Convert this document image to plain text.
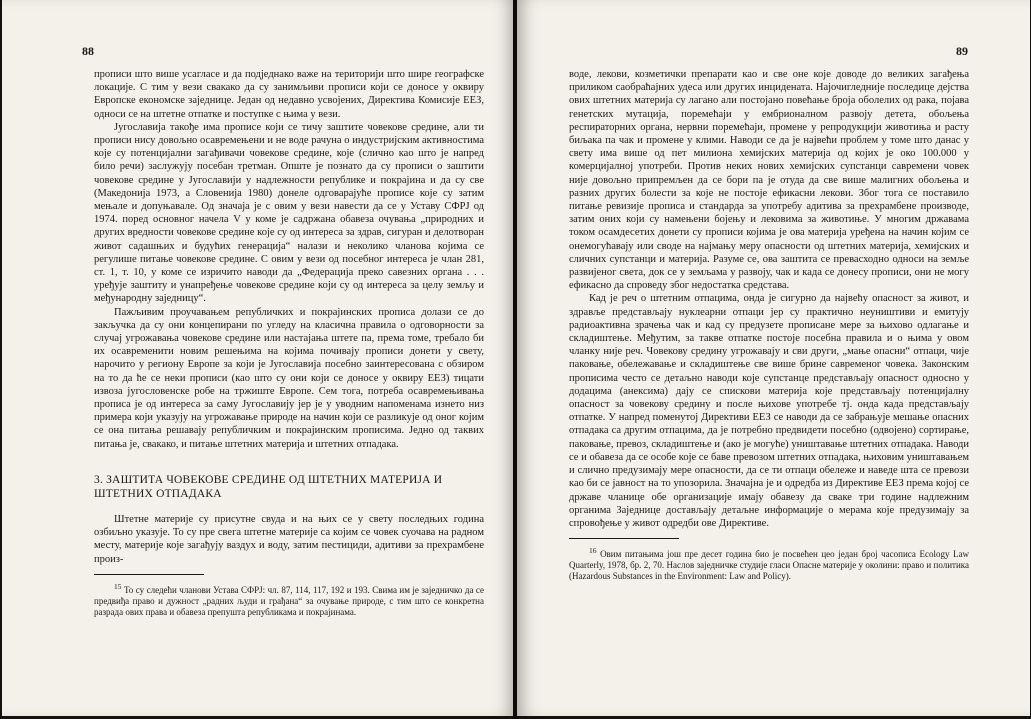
88

прописи што више усагласе и да подједнако важе на територији што шире географске локације. С тим у вези свакако да су занимљиви прописи који се доносе у оквиру Европске економске заједнице. Један од недавно усвојених, Директива Комисије ЕЕЗ, односи се на штетне отпатке и поступке с њима у вези.

Југославија такође има прописе који се тичу заштите човекове средине, али ти прописи нису довољно осавремењени и не воде рачуна о индустријским активностима које су потенцијални загађивачи човекове средине, које (слично као што је напред било речи) заслужују посебан третман. Опште је познато да су прописи о заштити човекове средине у Југославији у надлежности републике и покрајина и да су све (Македонија 1973, а Словенија 1980) донеле одговарајуће прописе које су затим мењале и допуњавале. Од значаја је с овим у вези навести да се у Уставу СФРЈ од 1974. поред основног начела V у коме је садржана обавеза очувања „природних и других вредности човекове средине које су од интереса за здрав, сигуран и делотворан живот садашњих и будућих генерација“ налази и неколико чланова којима се регулише питање човекове средине. С овим у вези од посебног интереса је члан 281, ст. 1, т. 10, у коме се изричито наводи да „Федерација преко савезних органа . . . уређује заштиту и унапређење човекове средине који су од интереса за целу земљу и међународну заједницу“.

Пажљивим проучавањем републичких и покрајинских прописа долази се до закључка да су они концепирани по угледу на класична правила о одговорности за случај угрожавања човекове средине или настајања штете па, према томе, требало би их осавременити новим решењима на којима почивају прописи донети у свету, нарочито у региону Европе за који је Југославија посебно заинтересована с обзиром на то да ће се неки прописи (као што су они који се доносе у оквиру ЕЕЗ) тицати извоза југословенске робе на тржиште Европе. Сем тога, потреба осавремењивања прописа је од интереса за саму Југославију јер је у уводним напоменама изнето низ примера који указују на угрожавање природе на начин који се разликује од оног којим се она питања решавају републичким и покрајинским прописима. Једно од таквих питања је, свакако, и питање штетних материја и штетних отпадака.

3. ЗАШТИТА ЧОВЕКОВЕ СРЕДИНЕ ОД ШТЕТНИХ МАТЕРИЈА И ШТЕТНИХ ОТПАДАКА

Штетне материје су присутне свуда и на њих се у свету последњих година озбиљно указује. То су пре свега штетне материје са којим се човек суочава на радном месту, материје које загађују ваздух и воду, затим пестициди, адитиви за прехрамбене произ-

$^{15}$ То су следећи чланови Устава СФРЈ: чл. 87, 114, 117, 192 и 193. Свима им је заједничко да се предвиђа право и дужност „радних људи и грађана“ за очување природе, с тим што се конкретна разрада ових права и обавеза препушта републикама и покрајинама.

89

воде, лекови, козметички препарати као и све оне које доводе до великих загађења приликом саобраћајних удеса или других инцидената. Најочигледније последице дејства ових штетних материја су лагано али постојано повећање броја оболелих од рака, појава генетских мутација, поремећаји у ембрионалном развоју детета, обољења респираторних органа, нервни поремећаји, промене у репродукцији животиња и расту биљака па чак и промене у клими. Наводи се да је највећи проблем у томе што данас у свету има више од пет милиона хемијских материја од којих је око 100.000 у комерцијалној употреби. Против неких нових хемијских супстанци савремени човек није довољно припремљен да се бори па је отуда да све више малигних обољења и разних других болести за које не постоје ефикасни лекови. Због тога се поставило питање ревизије прописа и стандарда за употребу адитива за прехрамбене производе, затим оних који су намењени бојењу и лековима за животиње. У многим државама током осамдесетих донети су прописи којима је ова материја уређена на начин којим се онемогућавају или своде на најмању меру опасности од штетних материја, хемијских и сличних супстанци и материја. Разуме се, ова заштита се превасходно односи на земље развијеног света, док се у земљама у развоју, чак и када се донесу прописи, они не могу ефикасно да спроведу због недостатка средстава.

Кад је реч о штетним отпацима, онда је сигурно да највећу опасност за живот, и здравље представљају нуклеарни отпаци јер су практично неуништиви и емитују радиоактивна зрачења чак и кад су предузете прописане мере за њихово одлагање и складиштење. Међутим, за такве отпатке постоје посебна правила и о њима у овом чланку није реч. Човекову средину угрожавају и сви други, „мање опасни“ отпаци, чије паковање, обележавање и складиштење све више брине савременог човека. Законским прописима често се детаљно наводи које супстанце представљају опасност односно у додацима (анексима) дају се спискови материја које представљају потенцијалну опасност за човекову средину и после њихове употребе тј. онда када представљају отпатке. У напред поменутој Директиви ЕЕЗ се наводи да се забрањује мешање опасних отпадака са другим отпацима, да је потребно предвидети посебно (одвојено) сортирање, паковање, превоз, складиштење и (ако је могуће) уништавање штетних отпадака. Наводи се и обавеза да се особе које се баве превозом штетних отпадака, њиховим уништавањем и слично предузимају мере опасности, да се ти отпаци обележе и наведе шта се превози као би се јавност на то упозорила. Значајна је и одредба из Директиве ЕЕЗ према којој се државе чланице обе организације имају обавезу да сваке три године надлежним органима Заједнице достављају детаљне информације о мерама које предузимају за спровођење у живот одредби ове Директиве.

$^{16}$ Овим питањима још пре десет година био је посвећен цео један број часописа Ecology Law Quarterly, 1978, бр. 2, 70. Наслов заједничке студије гласи Опасне материје у околини: право и политика (Hazardous Substances in the Environment: Law and Policy).
